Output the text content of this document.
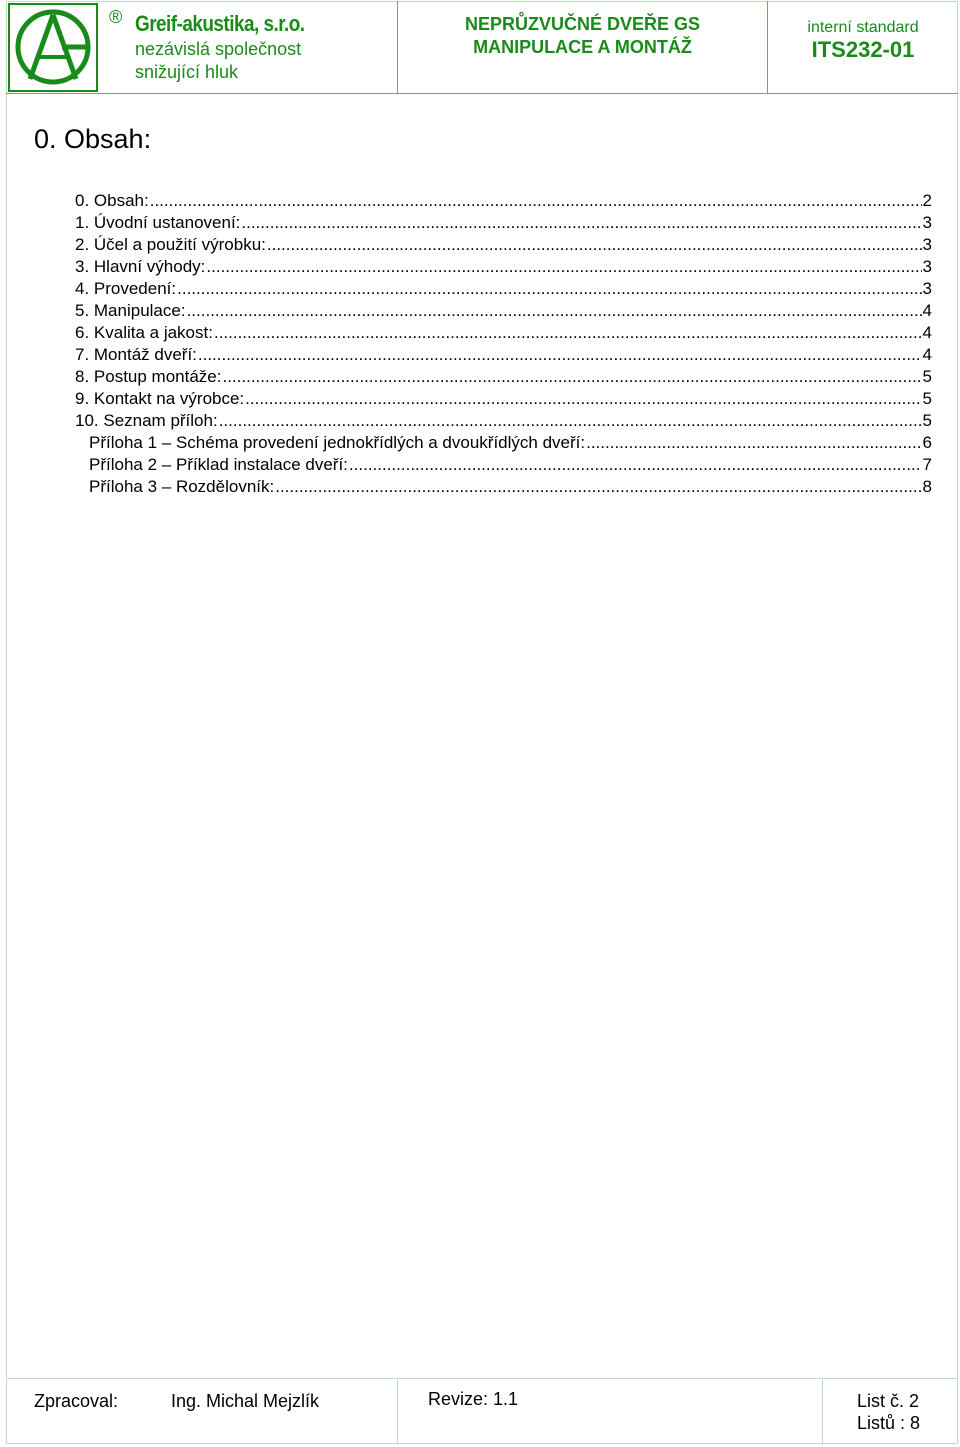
® Greif-akustika, s.r.o.
nezávislá společnost
snižující hluk
NEPRŮZVUČNÉ DVEŘE GS
MANIPULACE A MONTÁŽ
interní standard
ITS232-01
0. Obsah:
0. Obsah: .....	2
1. Úvodní ustanovení: .....	3
2. Účel a použití výrobku: .....	3
3. Hlavní výhody: .....	3
4. Provedení: .....	3
5. Manipulace: .....	4
6. Kvalita a jakost: .....	4
7. Montáž dveří: .....	4
8. Postup montáže: .....	5
9. Kontakt na výrobce: .....	5
10. Seznam příloh: .....	5
Příloha 1 – Schéma provedení jednokřídlých a dvoukřídlých dveří: .....	6
Příloha 2 – Příklad instalace dveří: .....	7
Příloha 3 – Rozdělovník: .....	8
Zpracoval:	Ing. Michal Mejzlík	Revize: 1.1	List č. 2
Listů : 8
